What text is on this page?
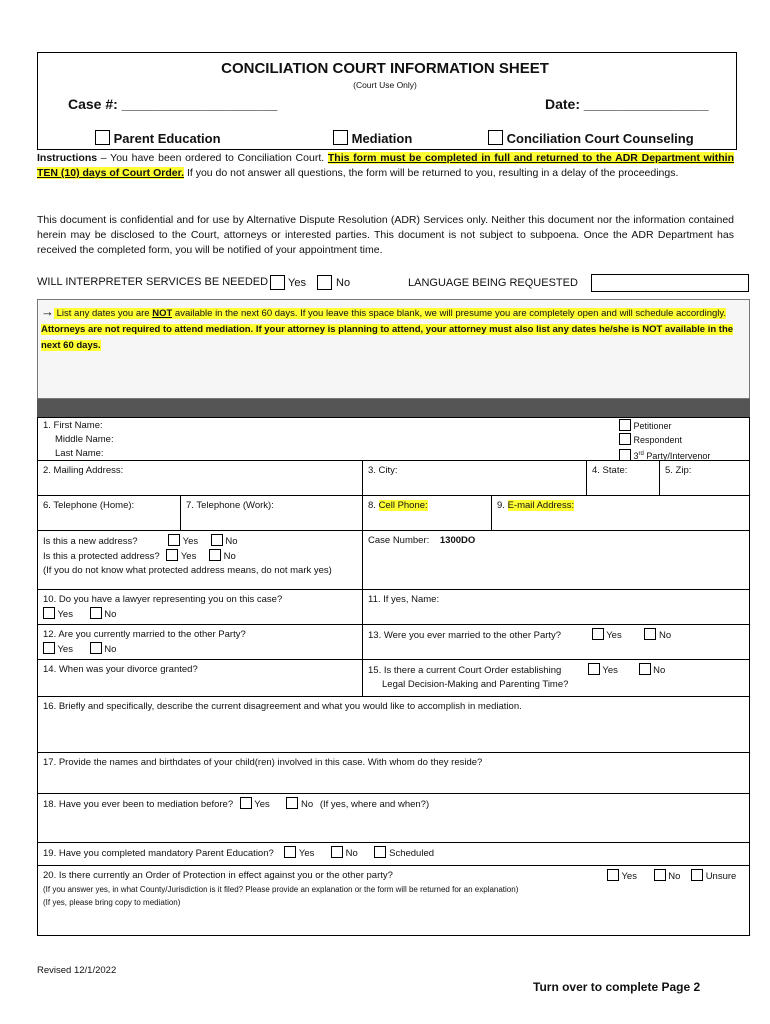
CONCILIATION COURT INFORMATION SHEET
(Court Use Only)
Case #: ____________________	Date: ________________
Parent Education	Mediation	Conciliation Court Counseling
Instructions – You have been ordered to Conciliation Court. This form must be completed in full and returned to the ADR Department within TEN (10) days of Court Order. If you do not answer all questions, the form will be returned to you, resulting in a delay of the proceedings.
This document is confidential and for use by Alternative Dispute Resolution (ADR) Services only. Neither this document nor the information contained herein may be disclosed to the Court, attorneys or interested parties. This document is not subject to subpoena. Once the ADR Department has received the completed form, you will be notified of your appointment time.
WILL INTERPRETER SERVICES BE NEEDED Yes	No	LANGUAGE BEING REQUESTED
→ List any dates you are NOT available in the next 60 days. If you leave this space blank, we will presume you are completely open and will schedule accordingly. Attorneys are not required to attend mediation. If your attorney is planning to attend, your attorney must also list any dates he/she is NOT available in the next 60 days.
1. First Name:
Middle Name:
Last Name:
Petitioner
Respondent
3rd Party/Intervenor
2. Mailing Address:	3. City:	4. State:	5. Zip:
6. Telephone (Home):	7. Telephone (Work):	8. Cell Phone:	9. E-mail Address:
Is this a new address?	Yes	No
Is this a protected address? Yes	No
(If you do not know what protected address means, do not mark yes)
Case Number: 1300DO
10. Do you have a lawyer representing you on this case?
Yes	No
11. If yes, Name:
12. Are you currently married to the other Party?
Yes	No
13. Were you ever married to the other Party?	Yes	No
14. When was your divorce granted?	15. Is there a current Court Order establishing	Yes	No
Legal Decision-Making and Parenting Time?
16. Briefly and specifically, describe the current disagreement and what you would like to accomplish in mediation.
17. Provide the names and birthdates of your child(ren) involved in this case. With whom do they reside?
18. Have you ever been to mediation before? Yes	No (If yes, where and when?)
19. Have you completed mandatory Parent Education?	Yes	No	Scheduled
20. Is there currently an Order of Protection in effect against you or the other party?
(If you answer yes, in what County/Jurisdiction is it filed? Please provide an explanation or the form will be returned for an explanation)
(If yes, please bring copy to mediation)
Yes	No	Unsure
Revised 12/1/2022
Turn over to complete Page 2
